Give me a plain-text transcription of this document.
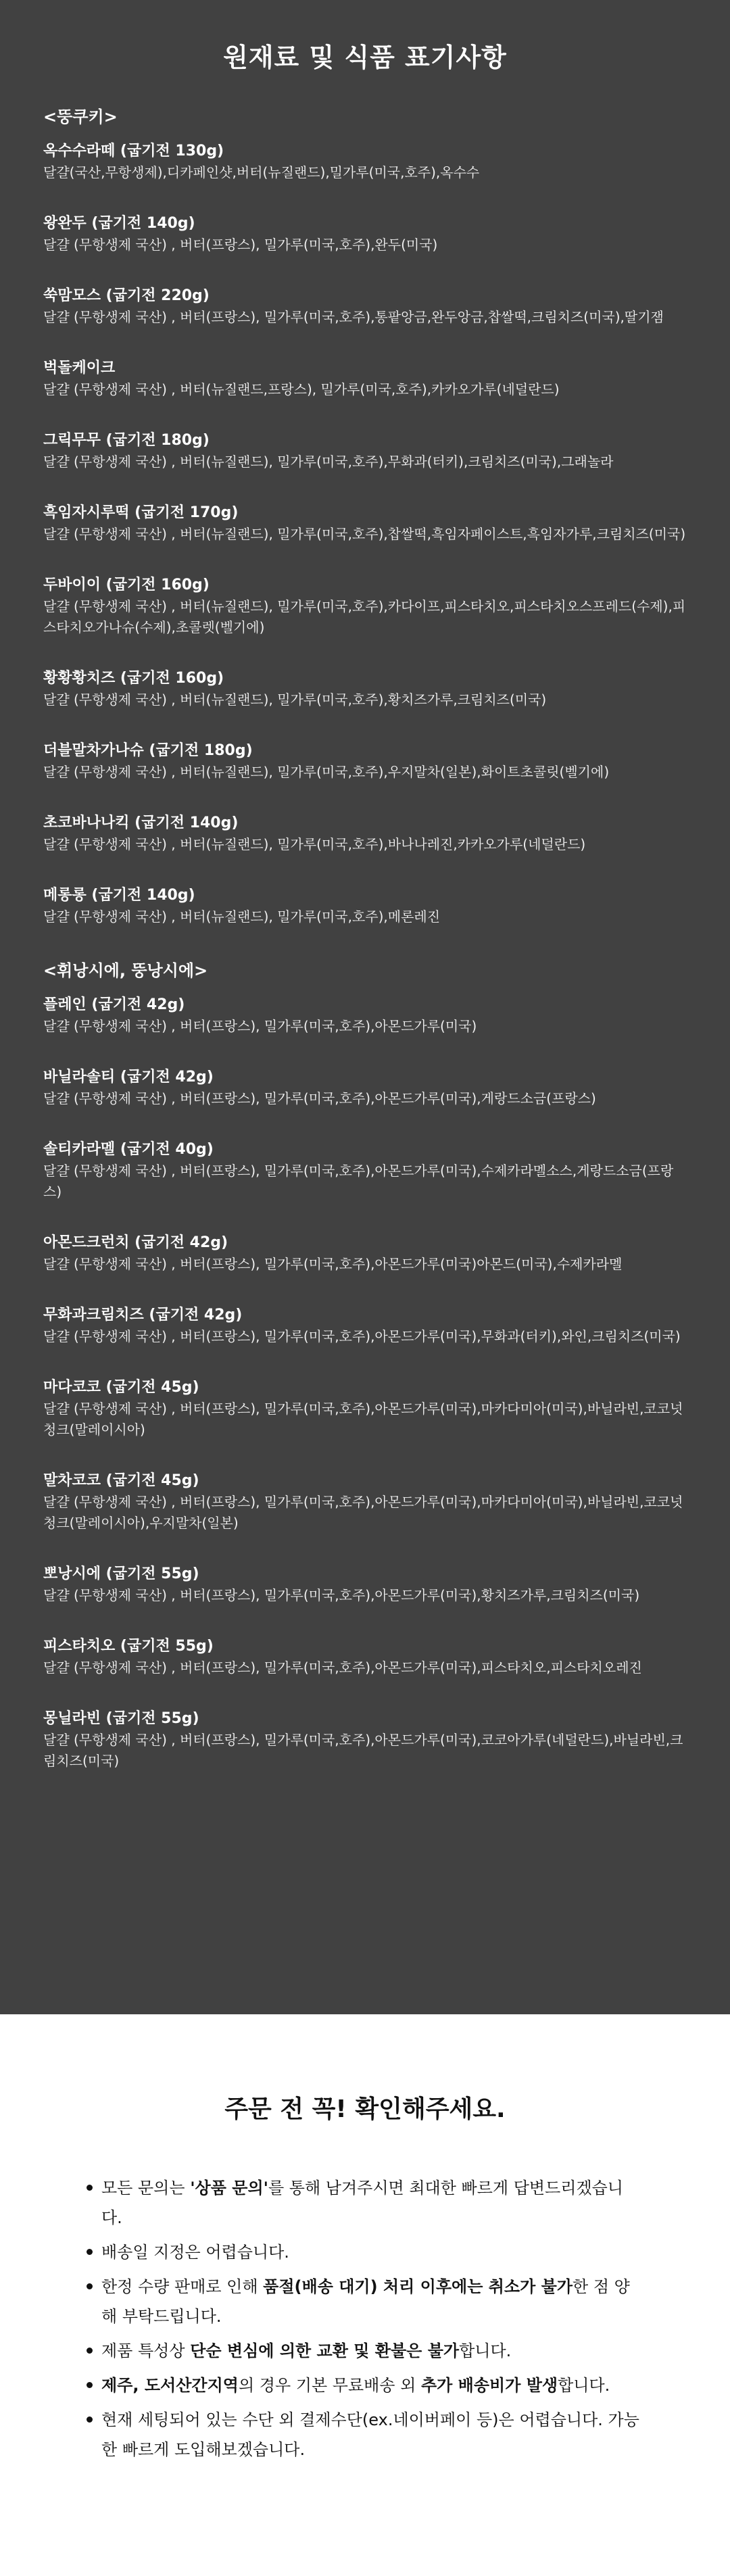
원재료 및 식품 표기사항
<뚱쿠키>
옥수수라떼 (굽기전 130g)
달걀(국산,무항생제),디카페인샷,버터(뉴질랜드),밀가루(미국,호주),옥수수
왕완두 (굽기전 140g)
달걀 (무항생제 국산) , 버터(프랑스), 밀가루(미국,호주),완두(미국)
쑥맘모스 (굽기전 220g)
달걀 (무항생제 국산) , 버터(프랑스), 밀가루(미국,호주),통팥앙금,완두앙금,찹쌀떡,크림치즈(미국),딸기잼
벅돌케이크
달걀 (무항생제 국산) , 버터(뉴질랜드,프랑스), 밀가루(미국,호주),카카오가루(네덜란드)
그릭무무 (굽기전 180g)
달걀 (무항생제 국산) , 버터(뉴질랜드), 밀가루(미국,호주),무화과(터키),크림치즈(미국),그래놀라
흑임자시루떡 (굽기전 170g)
달걀 (무항생제 국산) , 버터(뉴질랜드), 밀가루(미국,호주),찹쌀떡,흑임자페이스트,흑임자가루,크림치즈(미국)
두바이이 (굽기전 160g)
달걀 (무항생제 국산) , 버터(뉴질랜드), 밀가루(미국,호주),카다이프,피스타치오,피스타치오스프레드(수제),피스타치오가나슈(수제),초콜렛(벨기에)
황황황치즈 (굽기전 160g)
달걀 (무항생제 국산) , 버터(뉴질랜드), 밀가루(미국,호주),황치즈가루,크림치즈(미국)
더블말차가나슈 (굽기전 180g)
달걀 (무항생제 국산) , 버터(뉴질랜드), 밀가루(미국,호주),우지말차(일본),화이트초콜릿(벨기에)
초코바나나킥 (굽기전 140g)
달걀 (무항생제 국산) , 버터(뉴질랜드), 밀가루(미국,호주),바나나레진,카카오가루(네덜란드)
메롱롱 (굽기전 140g)
달걀 (무항생제 국산) , 버터(뉴질랜드), 밀가루(미국,호주),메론레진
<휘낭시에, 뚱낭시에>
플레인 (굽기전 42g)
달걀 (무항생제 국산) , 버터(프랑스), 밀가루(미국,호주),아몬드가루(미국)
바닐라솔티 (굽기전 42g)
달걀 (무항생제 국산) , 버터(프랑스), 밀가루(미국,호주),아몬드가루(미국),게랑드소금(프랑스)
솔티카라멜 (굽기전 40g)
달걀 (무항생제 국산) , 버터(프랑스), 밀가루(미국,호주),아몬드가루(미국),수제카라멜소스,게랑드소금(프랑스)
아몬드크런치 (굽기전 42g)
달걀 (무항생제 국산) , 버터(프랑스), 밀가루(미국,호주),아몬드가루(미국)아몬드(미국),수제카라멜
무화과크림치즈 (굽기전 42g)
달걀 (무항생제 국산) , 버터(프랑스), 밀가루(미국,호주),아몬드가루(미국),무화과(터키),와인,크림치즈(미국)
마다코코 (굽기전 45g)
달걀 (무항생제 국산) , 버터(프랑스), 밀가루(미국,호주),아몬드가루(미국),마카다미아(미국),바닐라빈,코코넛청크(말레이시아)
말차코코 (굽기전 45g)
달걀 (무항생제 국산) , 버터(프랑스), 밀가루(미국,호주),아몬드가루(미국),마카다미아(미국),바닐라빈,코코넛청크(말레이시아),우지말차(일본)
뽀낭시에 (굽기전 55g)
달걀 (무항생제 국산) , 버터(프랑스), 밀가루(미국,호주),아몬드가루(미국),황치즈가루,크림치즈(미국)
피스타치오 (굽기전 55g)
달걀 (무항생제 국산) , 버터(프랑스), 밀가루(미국,호주),아몬드가루(미국),피스타치오,피스타치오레진
몽닐라빈 (굽기전 55g)
달걀 (무항생제 국산) , 버터(프랑스), 밀가루(미국,호주),아몬드가루(미국),코코아가루(네덜란드),바닐라빈,크림치즈(미국)
주문 전 꼭! 확인해주세요.
모든 문의는 '상품 문의'를 통해 남겨주시면 최대한 빠르게 답변드리겠습니다.
배송일 지정은 어렵습니다.
한정 수량 판매로 인해 품절(배송 대기) 처리 이후에는 취소가 불가한 점 양해 부탁드립니다.
제품 특성상 단순 변심에 의한 교환 및 환불은 불가합니다.
제주, 도서산간지역의 경우 기본 무료배송 외 추가 배송비가 발생합니다.
현재 세팅되어 있는 수단 외 결제수단(ex.네이버페이 등)은 어렵습니다. 가능한 빠르게 도입해보겠습니다.
